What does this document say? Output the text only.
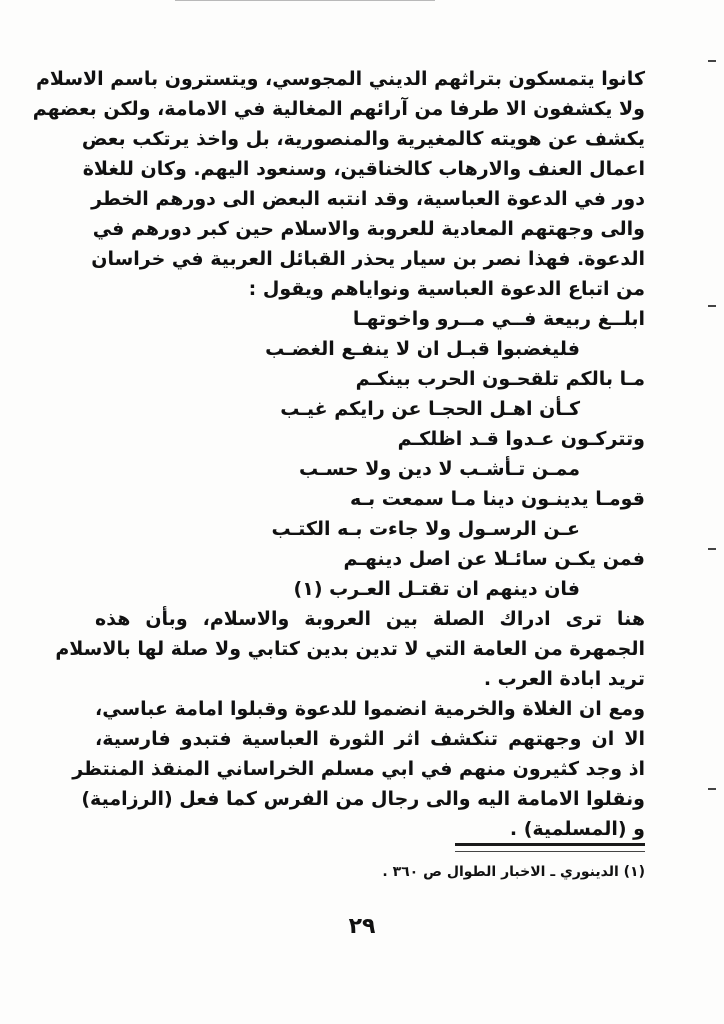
كانوا يتمسكون بتراثهم الديني المجوسي، ويتسترون باسم الاسلام
ولا يكشفون الا طرفا من آرائهم المغالية في الامامة، ولكن بعضهم
يكشف عن هويته كالمغيرية والمنصورية، بل واخذ يرتكب بعض
اعمال العنف والارهاب كالخناقين، وسنعود اليهم. وكان للغلاة
دور في الدعوة العباسية، وقد انتبه البعض الى دورهم الخطر
والى وجهتهم المعادية للعروبة والاسلام حين كبر دورهم في
الدعوة. فهذا نصر بن سيار يحذر القبائل العربية في خراسان
من اتباع الدعوة العباسية ونواياهم ويقول :
ابلــغ ربيعة فــي مــرو واخوتهـا
فليغضبوا قبـل ان لا ينفـع الغضـب
مـا بالكم تلقحـون الحرب بينكـم
كـأن اهـل الحجـا عن رايكم غيـب
وتتركـون عـدوا قـد اظلكـم
ممـن تـأشـب لا دين ولا حسـب
قومـا يدينـون دينا مـا سمعت بـه
عـن الرسـول ولا جاءت بـه الكتـب
فمن يكـن سائـلا عن اصل دينهـم
فان دينهم ان تقتـل العـرب (١)
هنا ترى ادراك الصلة بين العروبة والاسلام، وبأن هذه
الجمهرة من العامة التي لا تدين بدين كتابي ولا صلة لها بالاسلام
تريد ابادة العرب .
ومع ان الغلاة والخرمية انضموا للدعوة وقبلوا امامة عباسي،
الا ان وجهتهم تنكشف اثر الثورة العباسية فتبدو فارسية،
اذ وجد كثيرون منهم في ابي مسلم الخراساني المنقذ المنتظر
ونقلوا الامامة اليه والى رجال من الفرس كما فعل (الرزامية)
و (المسلمية) .
(١) الدينوري ـ الاخبار الطوال ص ٣٦٠ .
٢٩
